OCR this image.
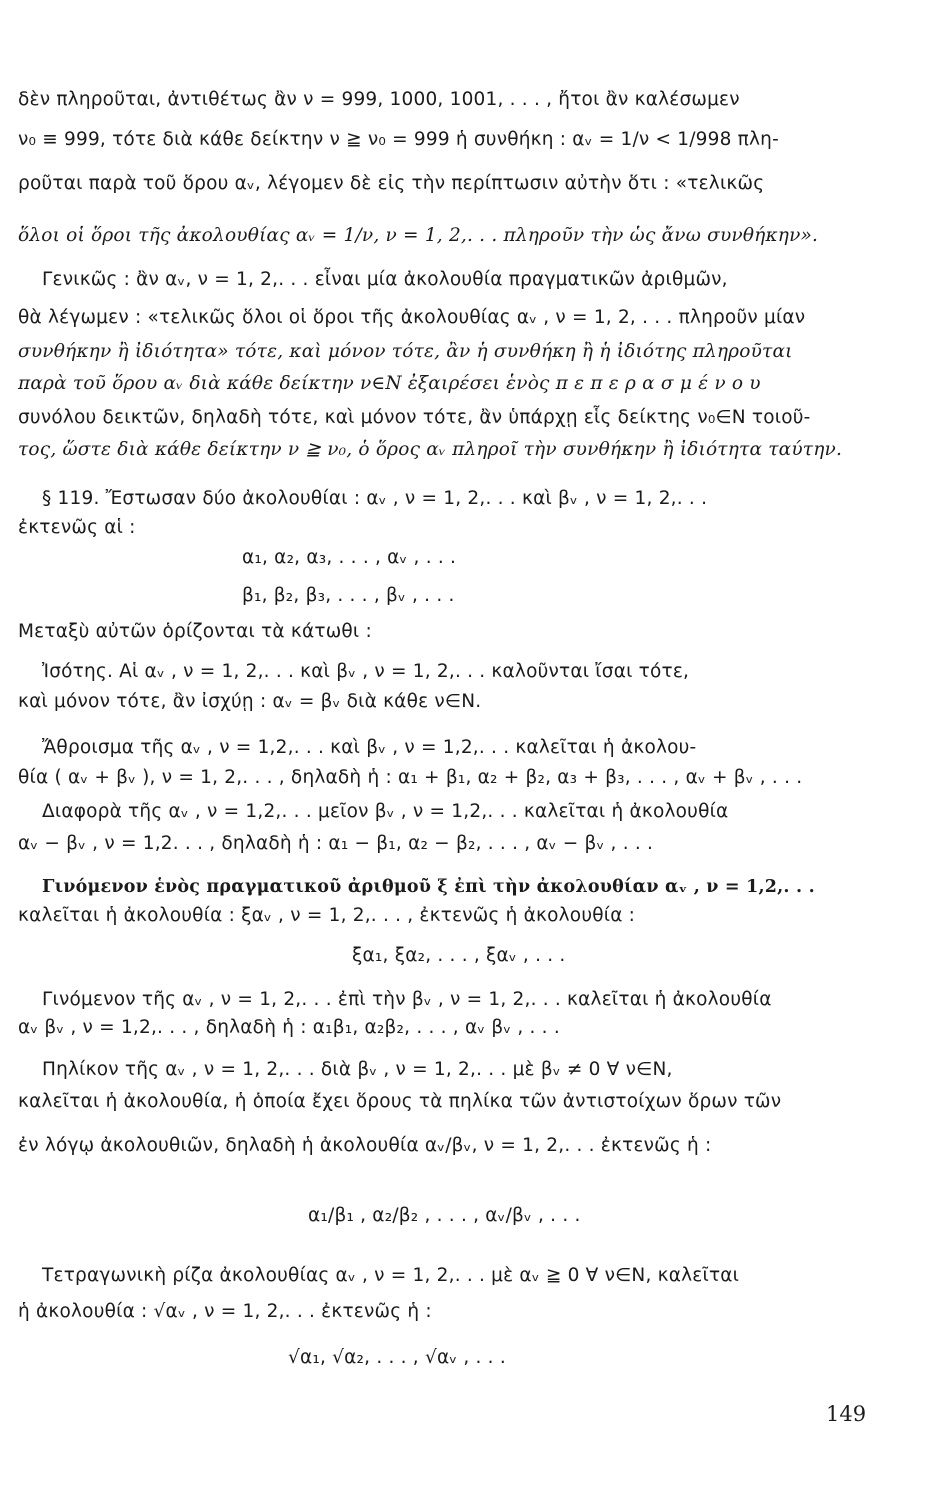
δὲν πληροῦται, ἀντιθέτως ἂν ν = 999, 1000, 1001, . . . , ἤτοι ἂν καλέσωμεν
ν₀ ≡ 999, τότε διὰ κάθε δείκτην ν ≧ ν₀ = 999 ἡ συνθήκη : αᵥ = 1/ν < 1/998 πλη-
ροῦται παρὰ τοῦ ὅρου αᵥ, λέγομεν δὲ εἰς τὴν περίπτωσιν αὐτὴν ὅτι : «τελικῶς
ὅλοι οἱ ὅροι τῆς ἀκολουθίας αᵥ = 1/ν, ν = 1, 2,. . . πληροῦν τὴν ὡς ἄνω συνθήκην».
Γενικῶς : ἂν αᵥ, ν = 1, 2,. . . εἶναι μία ἀκολουθία πραγματικῶν ἀριθμῶν,
θὰ λέγωμεν : «τελικῶς ὅλοι οἱ ὅροι τῆς ἀκολουθίας αᵥ , ν = 1, 2, . . . πληροῦν μίαν
συνθήκην ἢ ἰδιότητα» τότε, καὶ μόνον τότε, ἂν ἡ συνθήκη ἢ ἡ ἰδιότης πληροῦται
παρὰ τοῦ ὅρου αᵥ διὰ κάθε δείκτην ν∈N ἐξαιρέσει ἑνὸς π ε π ε ρ α σ μ έ ν ο υ
συνόλου δεικτῶν, δηλαδὴ τότε, καὶ μόνον τότε, ἂν ὑπάρχῃ εἷς δείκτης ν₀∈N τοιοῦ-
τος, ὥστε διὰ κάθε δείκτην ν ≧ ν₀, ὁ ὅρος αᵥ πληροῖ τὴν συνθήκην ἢ ἰδιότητα ταύτην.
§ 119. Ἔστωσαν δύο ἀκολουθίαι : αᵥ , ν = 1, 2,. . . καὶ βᵥ , ν = 1, 2,. . .
ἐκτενῶς αἱ :
α₁, α₂, α₃, . . . , αᵥ , . . .
β₁, β₂, β₃, . . . , βᵥ , . . .
Μεταξὺ αὐτῶν ὁρίζονται τὰ κάτωθι :
Ἰσότης. Αἱ αᵥ , ν = 1, 2,. . . καὶ βᵥ , ν = 1, 2,. . . καλοῦνται ἴσαι τότε,
καὶ μόνον τότε, ἂν ἰσχύῃ : αᵥ = βᵥ διὰ κάθε ν∈N.
Ἄθροισμα τῆς αᵥ , ν = 1,2,. . . καὶ βᵥ , ν = 1,2,. . . καλεῖται ἡ ἀκολου-
θία ( αᵥ + βᵥ ), ν = 1, 2,. . . , δηλαδὴ ἡ : α₁ + β₁, α₂ + β₂, α₃ + β₃, . . . , αᵥ + βᵥ , . . .
Διαφορὰ τῆς αᵥ , ν = 1,2,. . . μεῖον βᵥ , ν = 1,2,. . . καλεῖται ἡ ἀκολουθία
αᵥ − βᵥ , ν = 1,2. . . , δηλαδὴ ἡ : α₁ − β₁, α₂ − β₂, . . . , αᵥ − βᵥ , . . .
Γινόμενον ἑνὸς πραγματικοῦ ἀριθμοῦ ξ ἐπὶ τὴν ἀκολουθίαν αᵥ , ν = 1,2,. . .
καλεῖται ἡ ἀκολουθία : ξαᵥ , ν = 1, 2,. . . , ἐκτενῶς ἡ ἀκολουθία :
ξα₁, ξα₂, . . . , ξαᵥ , . . .
Γινόμενον τῆς αᵥ , ν = 1, 2,. . . ἐπὶ τὴν βᵥ , ν = 1, 2,. . . καλεῖται ἡ ἀκολουθία
αᵥ βᵥ , ν = 1,2,. . . , δηλαδὴ ἡ : α₁β₁, α₂β₂, . . . , αᵥ βᵥ , . . .
Πηλίκον τῆς αᵥ , ν = 1, 2,. . . διὰ βᵥ , ν = 1, 2,. . . μὲ βᵥ ≠ 0 ∀ ν∈N,
καλεῖται ἡ ἀκολουθία, ἡ ὁποία ἔχει ὅρους τὰ πηλίκα τῶν ἀντιστοίχων ὅρων τῶν
ἐν λόγῳ ἀκολουθιῶν, δηλαδὴ ἡ ἀκολουθία αᵥ/βᵥ, ν = 1, 2,. . . ἐκτενῶς ἡ :
α₁/β₁ , α₂/β₂ , . . . , αᵥ/βᵥ , . . .
Τετραγωνικὴ ρίζα ἀκολουθίας αᵥ , ν = 1, 2,. . . μὲ αᵥ ≧ 0 ∀ ν∈N, καλεῖται
ἡ ἀκολουθία : √αᵥ , ν = 1, 2,. . . ἐκτενῶς ἡ :
√α₁, √α₂, . . . , √αᵥ , . . .
149
